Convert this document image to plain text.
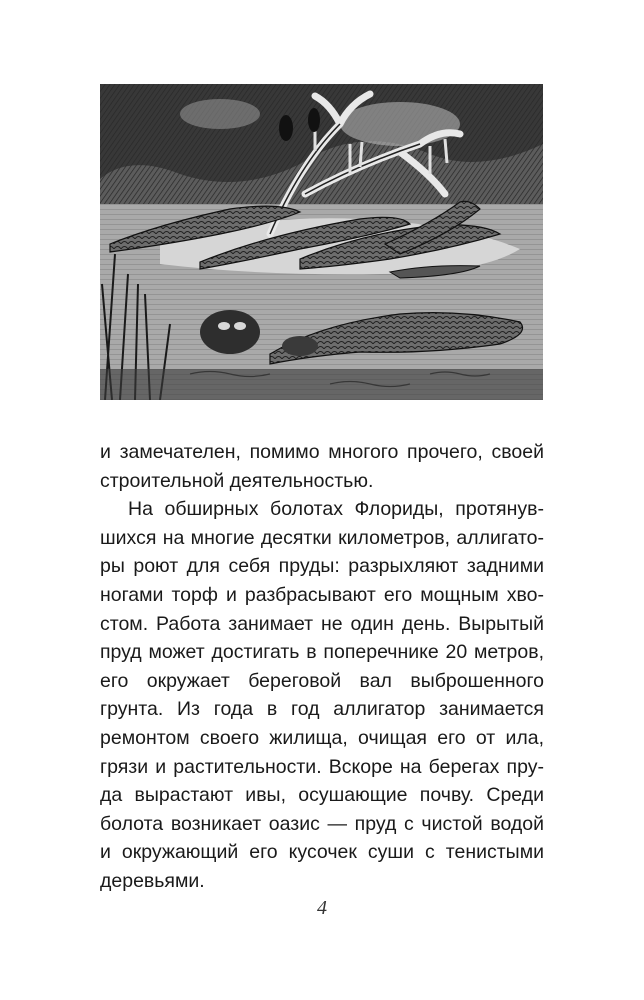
и замечателен, помимо многого прочего, своей
строительной деятельностью.
На обширных болотах Флориды, протянув-
шихся на многие десятки километров, аллигато-
ры роют для себя пруды: разрыхляют задними
ногами торф и разбрасывают его мощным хво-
стом. Работа занимает не один день. Вырытый
пруд может достигать в поперечнике 20 метров,
его окружает береговой вал выброшенного
грунта. Из года в год аллигатор занимается
ремонтом своего жилища, очищая его от ила,
грязи и растительности. Вскоре на берегах пру-
да вырастают ивы, осушающие почву. Среди
болота возникает оазис — пруд с чистой водой
и окружающий его кусочек суши с тенистыми
деревьями.
4
